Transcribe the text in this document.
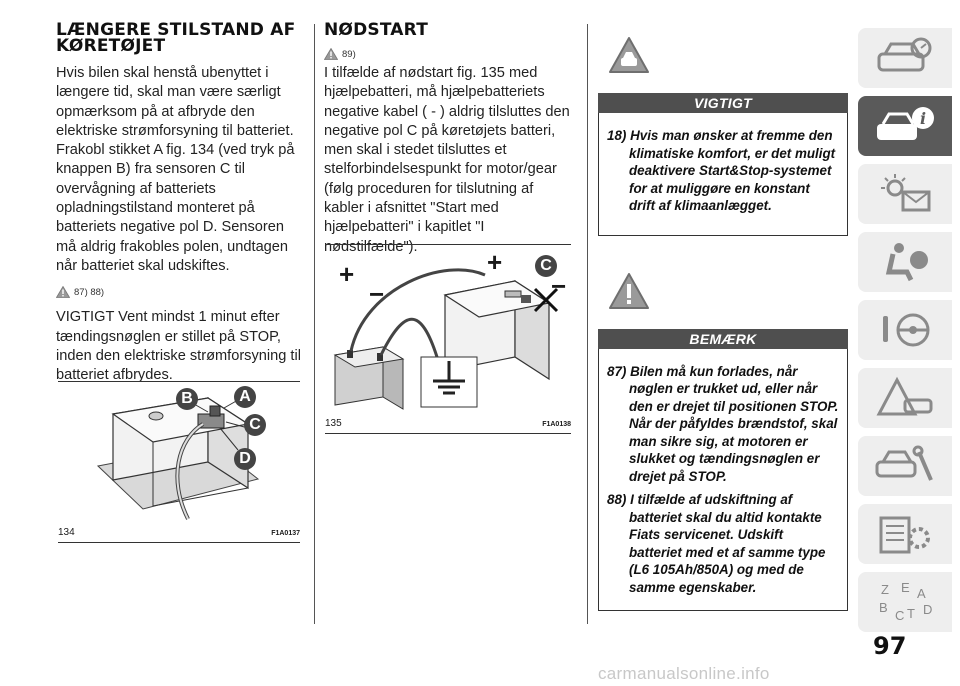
LÆNGERE STILSTAND AF KØRETØJET

Hvis bilen skal henstå ubenyttet i længere tid, skal man være særligt opmærksom på at afbryde den elektriske strømforsyning til batteriet. Frakobl stikket A fig. 134 (ved tryk på knappen B) fra sensoren C til overvågning af batteriets opladningstilstand monteret på batteriets negative pol D. Sensoren må aldrig frakobles polen, undtagen når batteriet skal udskiftes.

87) 88)

VIGTIGT Vent mindst 1 minut efter tændingsnøglen er stillet på STOP, inden den elektriske strømforsyning til batteriet afbrydes.

B	A
C
D
134	F1A0137
NØDSTART
89)

I tilfælde af nødstart fig. 135 med hjælpebatteri, må hjælpebatteriets negative kabel ( - ) aldrig tilsluttes den negative pol C på køretøjets batteri, men skal i stedet tilsluttes et stelforbindelsespunkt for motor/gear (følg proceduren for tilslutning af kabler i afsnittet "Start med hjælpebatteri" i kapitlet "I nødstilfælde").

+
−
+
−
C
135	F1A0138
VIGTIGT

18) Hvis man ønsker at fremme den klimatiske komfort, er det muligt deaktivere Start&Stop-systemet for at muliggøre en konstant drift af klimaanlægget.

BEMÆRK

87) Bilen må kun forlades, når nøglen er trukket ud, eller når den er drejet til positionen STOP. Når der påfyldes brændstof, skal man sikre sig, at motoren er slukket og tændingsnøglen er drejet på STOP.

88) I tilfælde af udskiftning af batteriet skal du altid kontakte Fiats servicenet. Udskift batteriet med et af samme type (L6 105Ah/850A) og med de samme egenskaber.

i
Z E A
B
C T D
97
carmanualsonline.info
